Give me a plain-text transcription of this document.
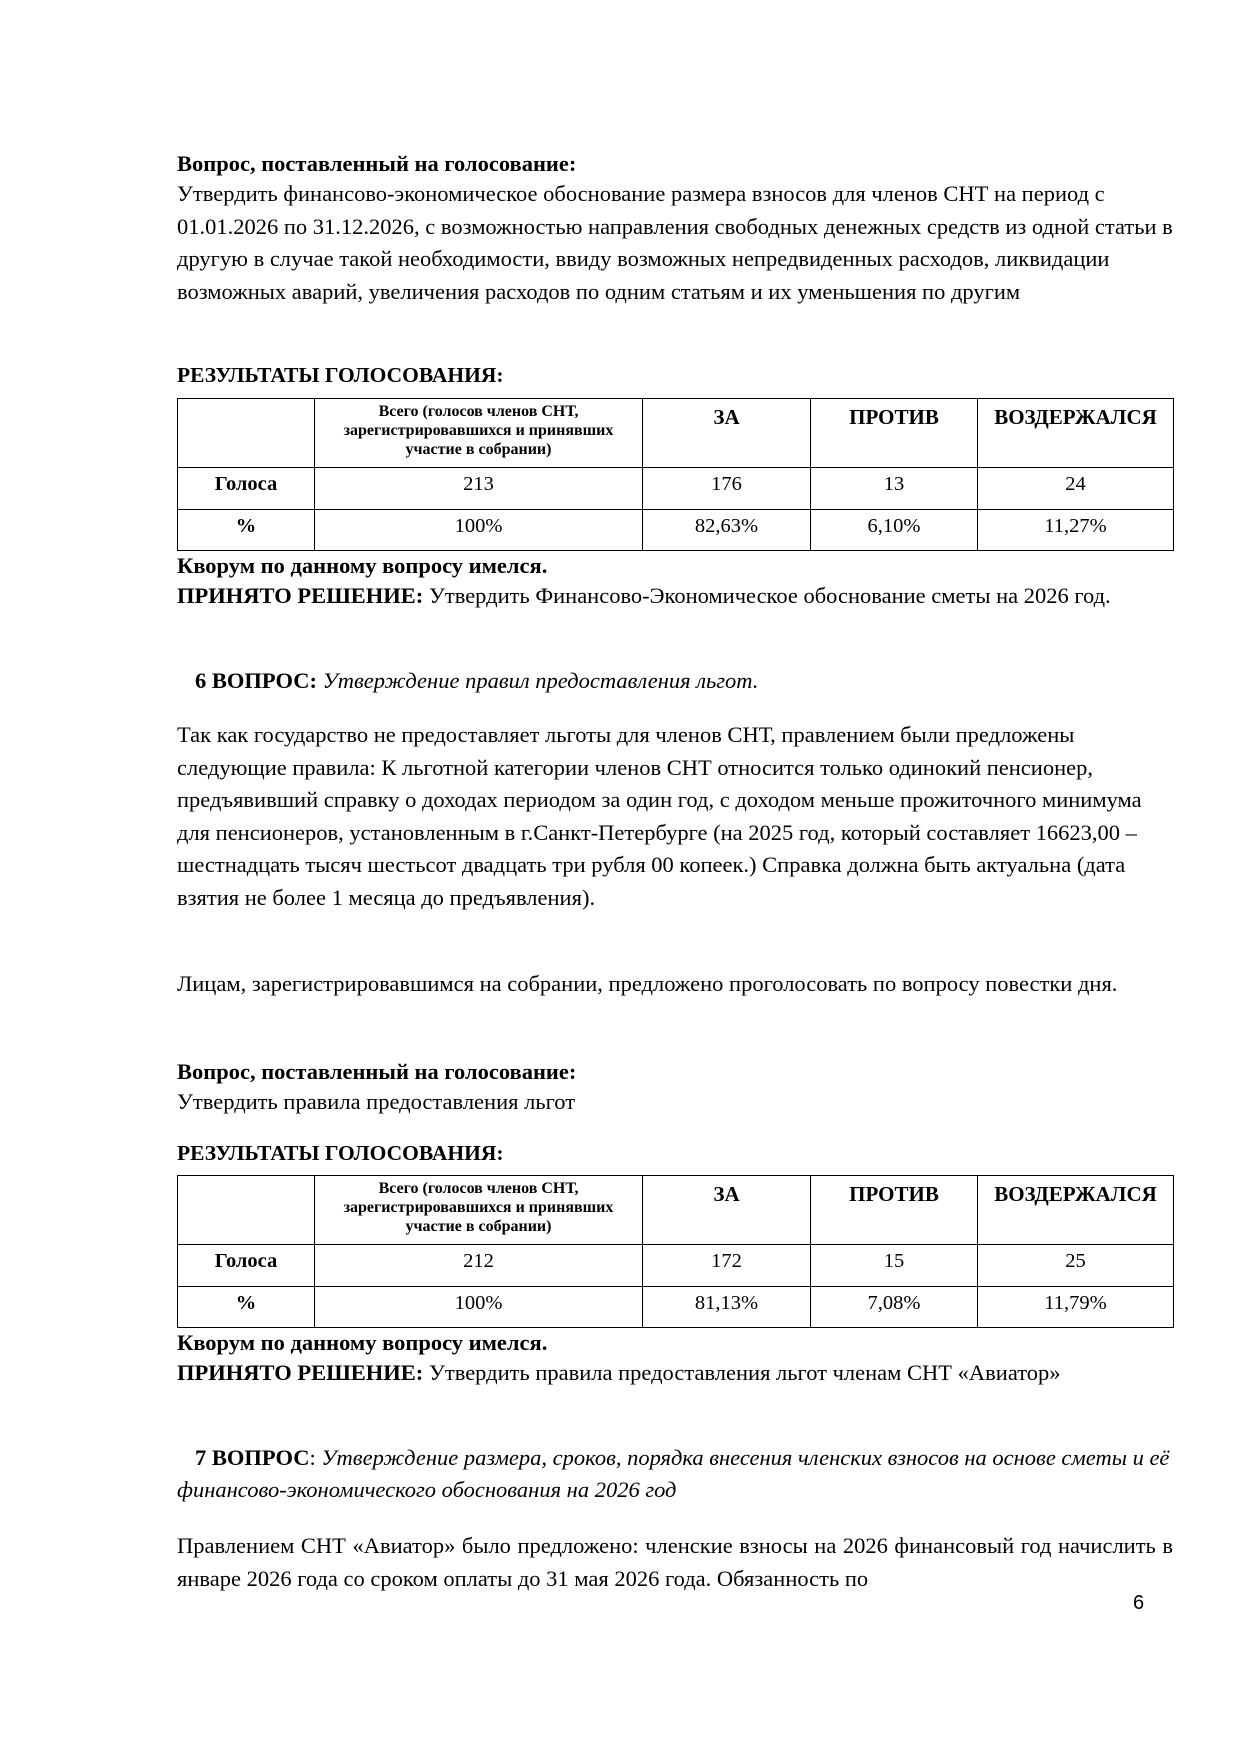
Вопрос, поставленный на голосование:

Утвердить финансово-экономическое обоснование размера взносов для членов СНТ на период с 01.01.2026 по 31.12.2026, с возможностью направления свободных денежных средств из одной статьи в другую в случае такой необходимости, ввиду возможных непредвиденных расходов, ликвидации возможных аварий, увеличения расходов по одним статьям и их уменьшения по другим

РЕЗУЛЬТАТЫ ГОЛОСОВАНИЯ:
	Всего (голосов членов СНТ, зарегистрировавшихся и принявших участие в собрании)	ЗА	ПРОТИВ	ВОЗДЕРЖАЛСЯ
Голоса	213	176	13	24
%	100%	82,63%	6,10%	11,27%

Кворум по данному вопросу имелся.

ПРИНЯТО РЕШЕНИЕ: Утвердить Финансово-Экономическое обоснование сметы на 2026 год.

6 ВОПРОС: Утверждение правил предоставления льгот.

Так как государство не предоставляет льготы для членов СНТ, правлением были предложены следующие правила: К льготной категории членов СНТ относится только одинокий пенсионер, предъявивший справку о доходах периодом за один год, с доходом меньше прожиточного минимума для пенсионеров, установленным в г.Санкт-Петербурге (на 2025 год, который составляет 16623,00 – шестнадцать тысяч шестьсот двадцать три рубля 00 копеек.) Справка должна быть актуальна (дата взятия не более 1 месяца до предъявления).

Лицам, зарегистрировавшимся на собрании, предложено проголосовать по вопросу повестки дня.

Вопрос, поставленный на голосование:

Утвердить правила предоставления льгот

РЕЗУЛЬТАТЫ ГОЛОСОВАНИЯ:
	Всего (голосов членов СНТ, зарегистрировавшихся и принявших участие в собрании)	ЗА	ПРОТИВ	ВОЗДЕРЖАЛСЯ
Голоса	212	172	15	25
%	100%	81,13%	7,08%	11,79%

Кворум по данному вопросу имелся.

ПРИНЯТО РЕШЕНИЕ: Утвердить правила предоставления льгот членам СНТ «Авиатор»

7 ВОПРОС: Утверждение размера, сроков, порядка внесения членских взносов на основе сметы и её финансово-экономического обоснования на 2026 год

Правлением СНТ «Авиатор» было предложено: членские взносы на 2026 финансовый год начислить в январе 2026 года со сроком оплаты до 31 мая 2026 года. Обязанность по

6
